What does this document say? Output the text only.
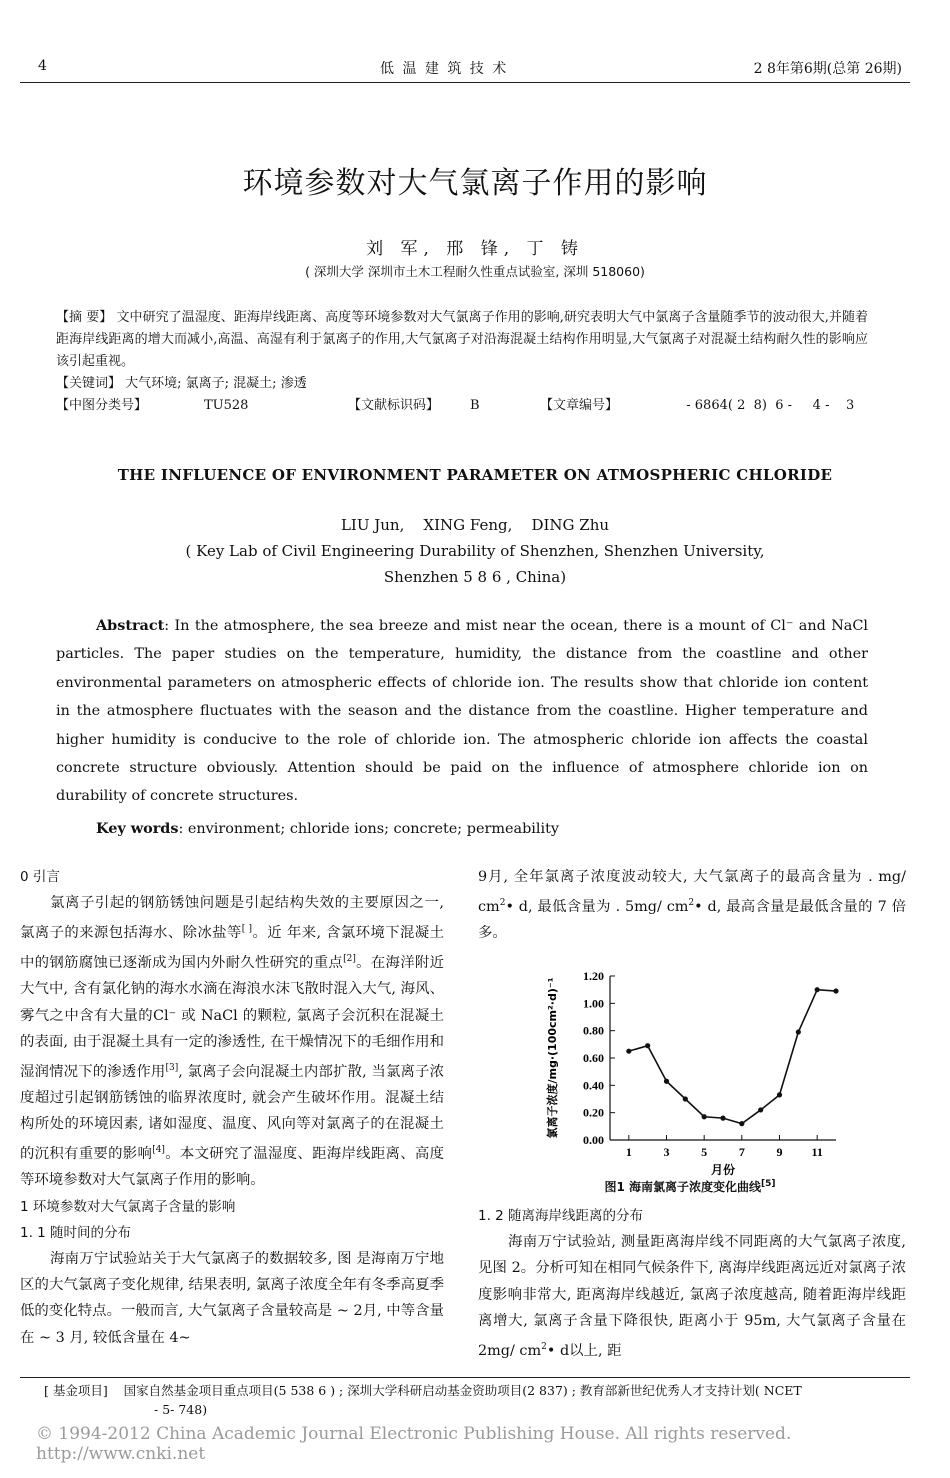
4	低 温 建 筑 技 术	2 8年第6期(总第 26期)
环境参数对大气氯离子作用的影响
刘 军, 邢 锋, 丁 铸
( 深圳大学 深圳市土木工程耐久性重点试验室, 深圳 518060)

【摘 要】 文中研究了温湿度、距海岸线距离、高度等环境参数对大气氯离子作用的影响,研究表明大气中氯离子含量随季节的波动很大,并随着距海岸线距离的增大而减小,高温、高湿有利于氯离子的作用,大气氯离子对沿海混凝土结构作用明显,大气氯离子对混凝土结构耐久性的影响应该引起重视。

【关键词】 大气环境; 氯离子; 混凝土; 渗透

【中图分类号】	TU528	【文献标识码】 B	【文章编号】	- 6864( 2  8)  6 -     4 -    3

THE INFLUENCE OF ENVIRONMENT PARAMETER ON ATMOSPHERIC CHLORIDE
LIU Jun,    XING Feng,    DING Zhu
( Key Lab of Civil Engineering Durability of Shenzhen, Shenzhen University,
Shenzhen 5 8 6 , China)

Abstract: In the atmosphere, the sea breeze and mist near the ocean, there is a mount of Cl⁻ and NaCl particles. The paper studies on the temperature, humidity, the distance from the coastline and other environmental parameters on atmospheric effects of chloride ion. The results show that chloride ion content in the atmosphere fluctuates with the season and the distance from the coastline. Higher temperature and higher humidity is conducive to the role of chloride ion. The atmospheric chloride ion affects the coastal concrete structure obviously. Attention should be paid on the influence of atmosphere chloride ion on durability of concrete structures.

Key words: environment; chloride ions; concrete; permeability

0 引言

氯离子引起的钢筋锈蚀问题是引起结构失效的主要原因之一, 氯离子的来源包括海水、除冰盐等[ ]。近 年来, 含氯环境下混凝土中的钢筋腐蚀已逐渐成为国内外耐久性研究的重点[2]。在海洋附近大气中, 含有氯化钠的海水水滴在海浪水沫飞散时混入大气, 海风、雾气之中含有大量的Cl⁻ 或 NaCl 的颗粒, 氯离子会沉积在混凝土的表面, 由于混凝土具有一定的渗透性, 在干燥情况下的毛细作用和湿润情况下的渗透作用[3], 氯离子会向混凝土内部扩散, 当氯离子浓度超过引起钢筋锈蚀的临界浓度时, 就会产生破坏作用。混凝土结构所处的环境因素, 诸如湿度、温度、风向等对氯离子的在混凝土的沉积有重要的影响[4]。本文研究了温湿度、距海岸线距离、高度等环境参数对大气氯离子作用的影响。

1 环境参数对大气氯离子含量的影响

1. 1 随时间的分布

海南万宁试验站关于大气氯离子的数据较多, 图 是海南万宁地区的大气氯离子变化规律, 结果表明, 氯离子浓度全年有冬季高夏季低的变化特点。一般而言, 大气氯离子含量较高是 ~ 2月, 中等含量在 ~ 3 月, 较低含量在 4~

9月, 全年氯离子浓度波动较大, 大气氯离子的最高含量为 . mg/ $cm^2•$ d, 最低含量为 . 5mg/ $cm^2•$ d, 最高含量是最低含量的 7 倍多。

0.00
0.20
0.40
0.60
0.80
1.00
1.20
1	3	5	7	9 11
月份
氯离子浓度/mg·(100cm²·d)⁻¹
图1 海南氯离子浓度变化曲线[5]

1. 2 随离海岸线距离的分布

海南万宁试验站, 测量距离海岸线不同距离的大气氯离子浓度, 见图 2。分析可知在相同气候条件下, 离海岸线距离远近对氯离子浓度影响非常大, 距离海岸线越近, 氯离子浓度越高, 随着距海岸线距离增大, 氯离子含量下降很快, 距离小于 95m, 大气氯离子含量在2mg/ $cm^2•$ d以上, 距

[ 基金项目] 国家自然基金项目重点项目(5 538 6 ) ; 深圳大学科研启动基金资助项目(2 837) ; 教育部新世纪优秀人才支持计划( NCET

- 5- 748)

© 1994-2012 China Academic Journal Electronic Publishing House. All rights reserved. http://www.cnki.net
